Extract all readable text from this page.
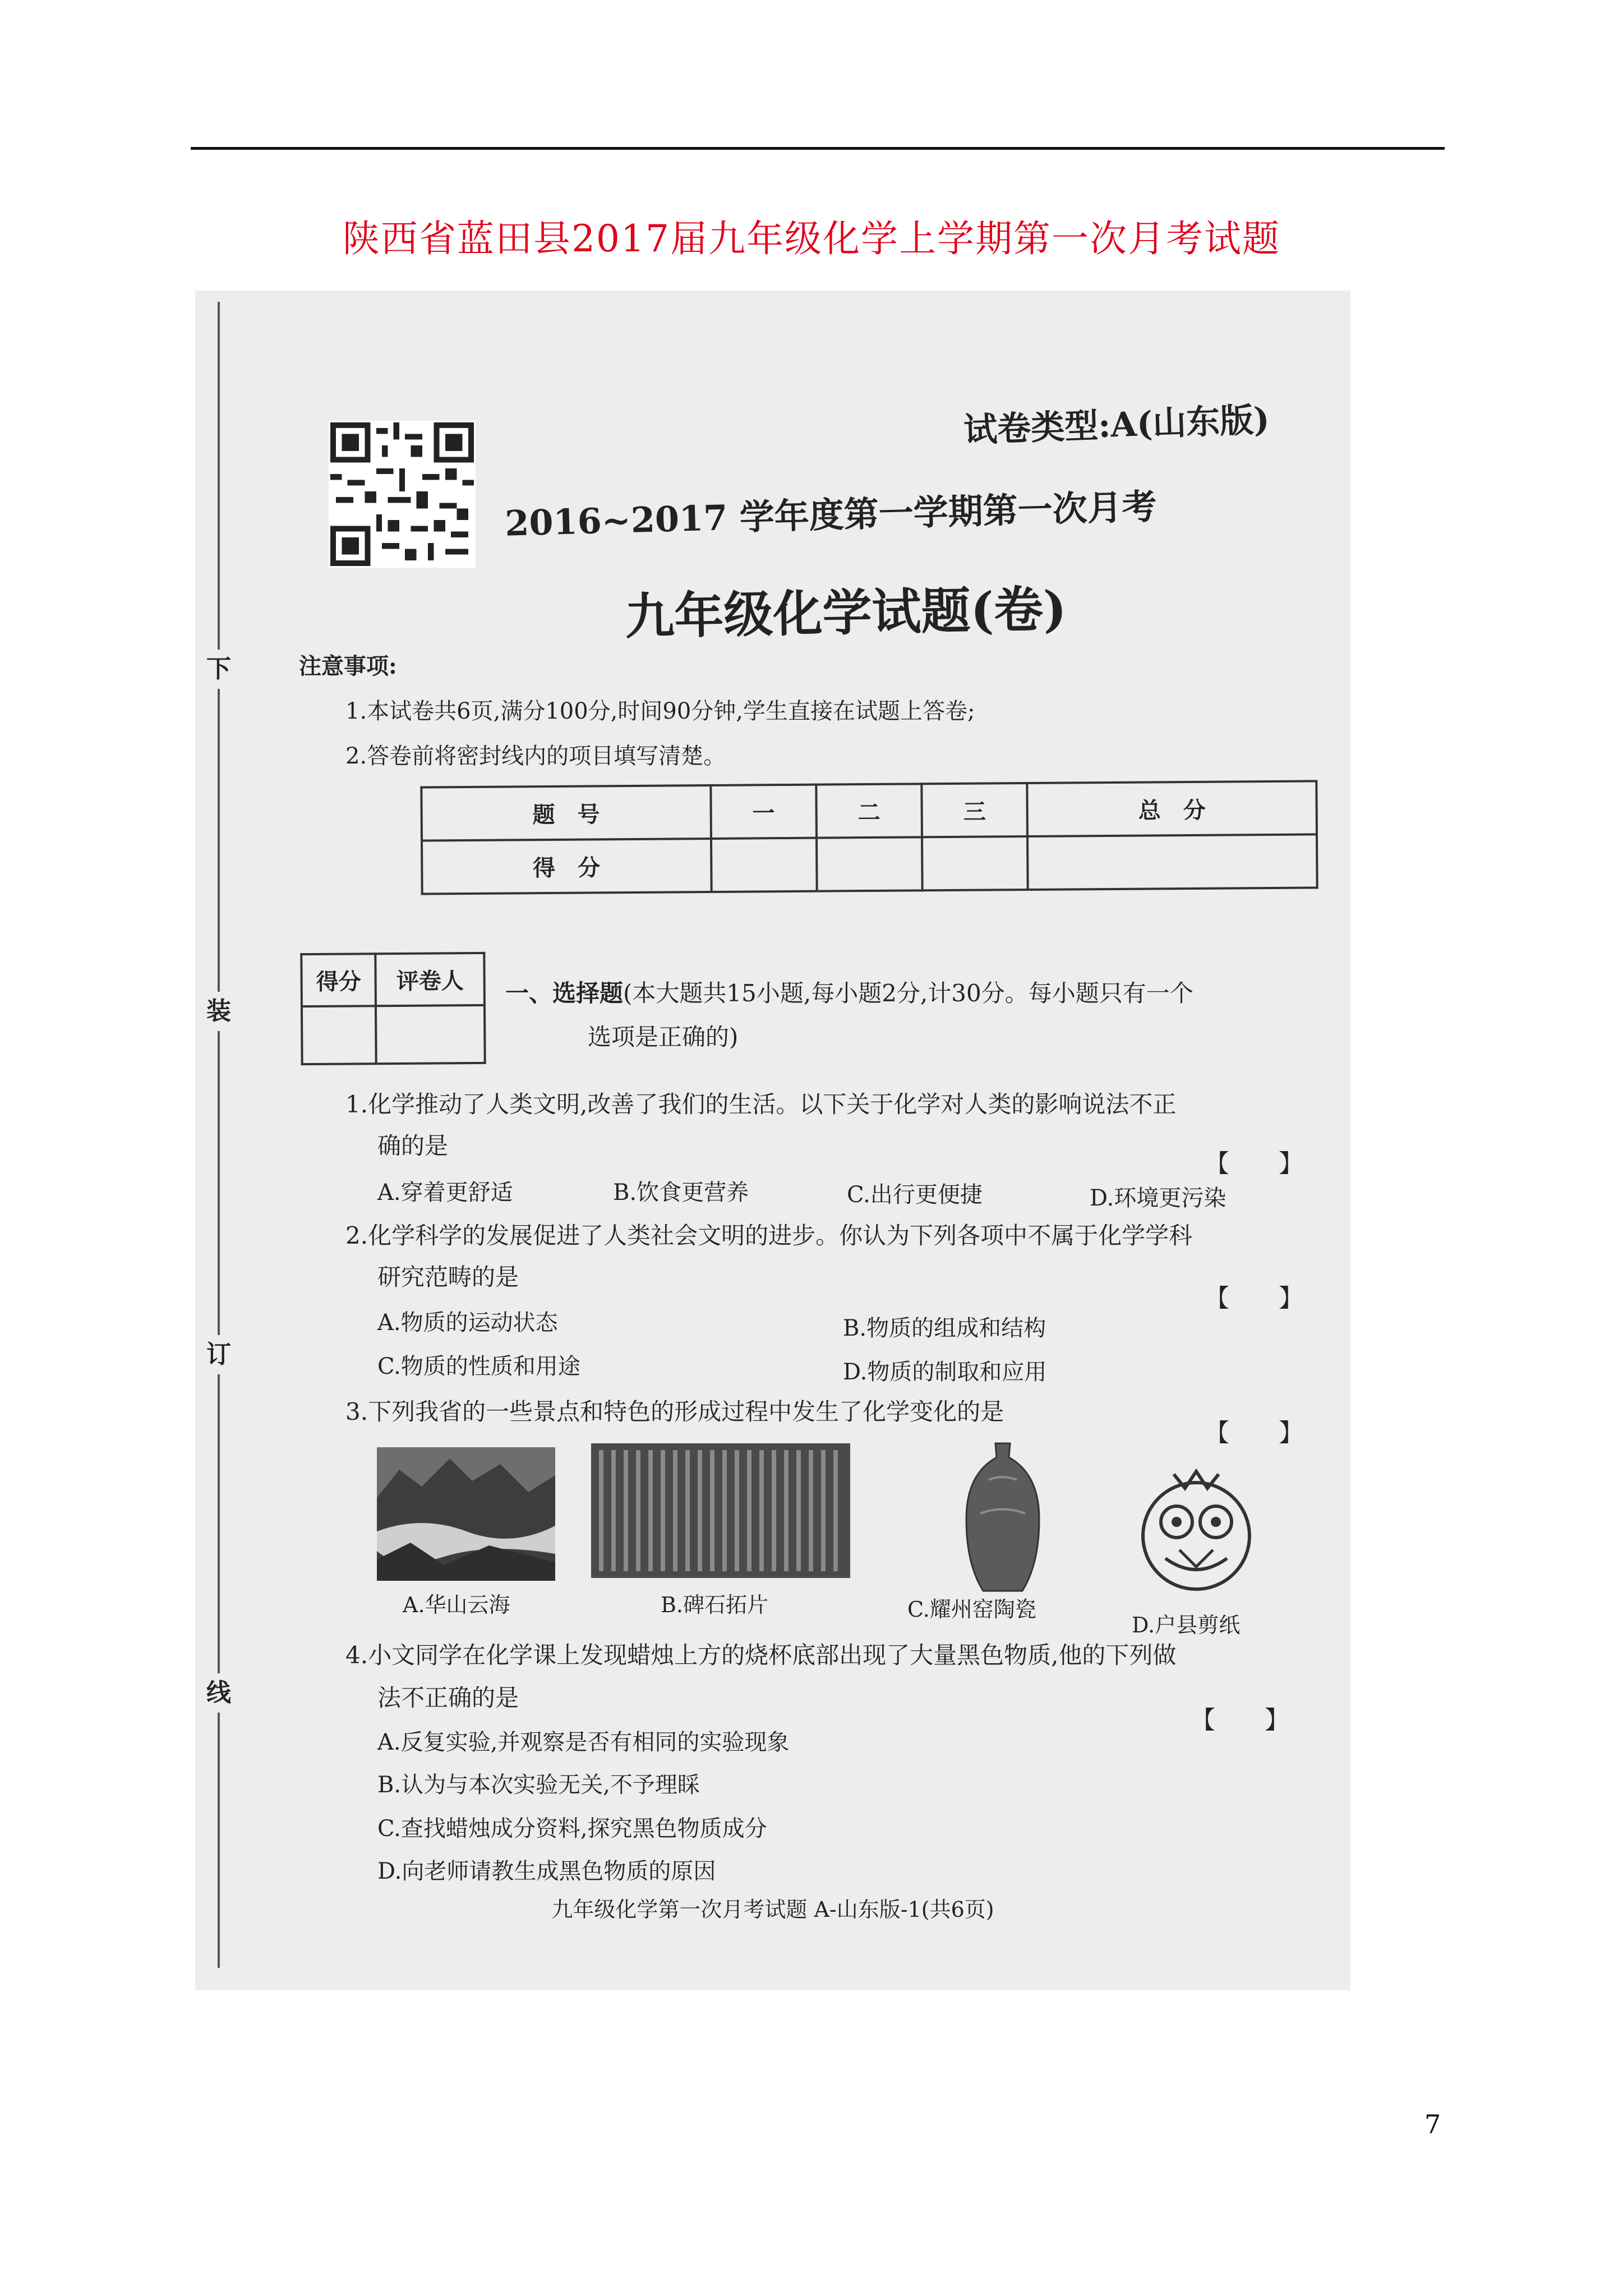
陕西省蓝田县2017届九年级化学上学期第一次月考试题
下
装
订
线
试卷类型:A(山东版)
2016~2017 学年度第一学期第一次月考
九年级化学试题(卷)
注意事项:
1.本试卷共6页,满分100分,时间90分钟,学生直接在试题上答卷;
2.答卷前将密封线内的项目填写清楚。
题　号	一	二	三	总　分
得　分				
得分	评卷人
	一、选择题(本大题共15小题,每小题2分,计30分。每小题只有一个
选项是正确的)
1.化学推动了人类文明,改善了我们的生活。以下关于化学对人类的影响说法不正
确的是
【　　】
A.穿着更舒适	B.饮食更营养	C.出行更便捷	D.环境更污染
2.化学科学的发展促进了人类社会文明的进步。你认为下列各项中不属于化学学科
研究范畴的是
【　　】
A.物质的运动状态	B.物质的组成和结构
C.物质的性质和用途	D.物质的制取和应用
3.下列我省的一些景点和特色的形成过程中发生了化学变化的是
【　　】
A.华山云海	B.碑石拓片	C.耀州窑陶瓷
D.户县剪纸
4.小文同学在化学课上发现蜡烛上方的烧杯底部出现了大量黑色物质,他的下列做
法不正确的是
【　　】
A.反复实验,并观察是否有相同的实验现象
B.认为与本次实验无关,不予理睬
C.查找蜡烛成分资料,探究黑色物质成分
D.向老师请教生成黑色物质的原因
九年级化学第一次月考试题 A-山东版-1(共6页)
7
